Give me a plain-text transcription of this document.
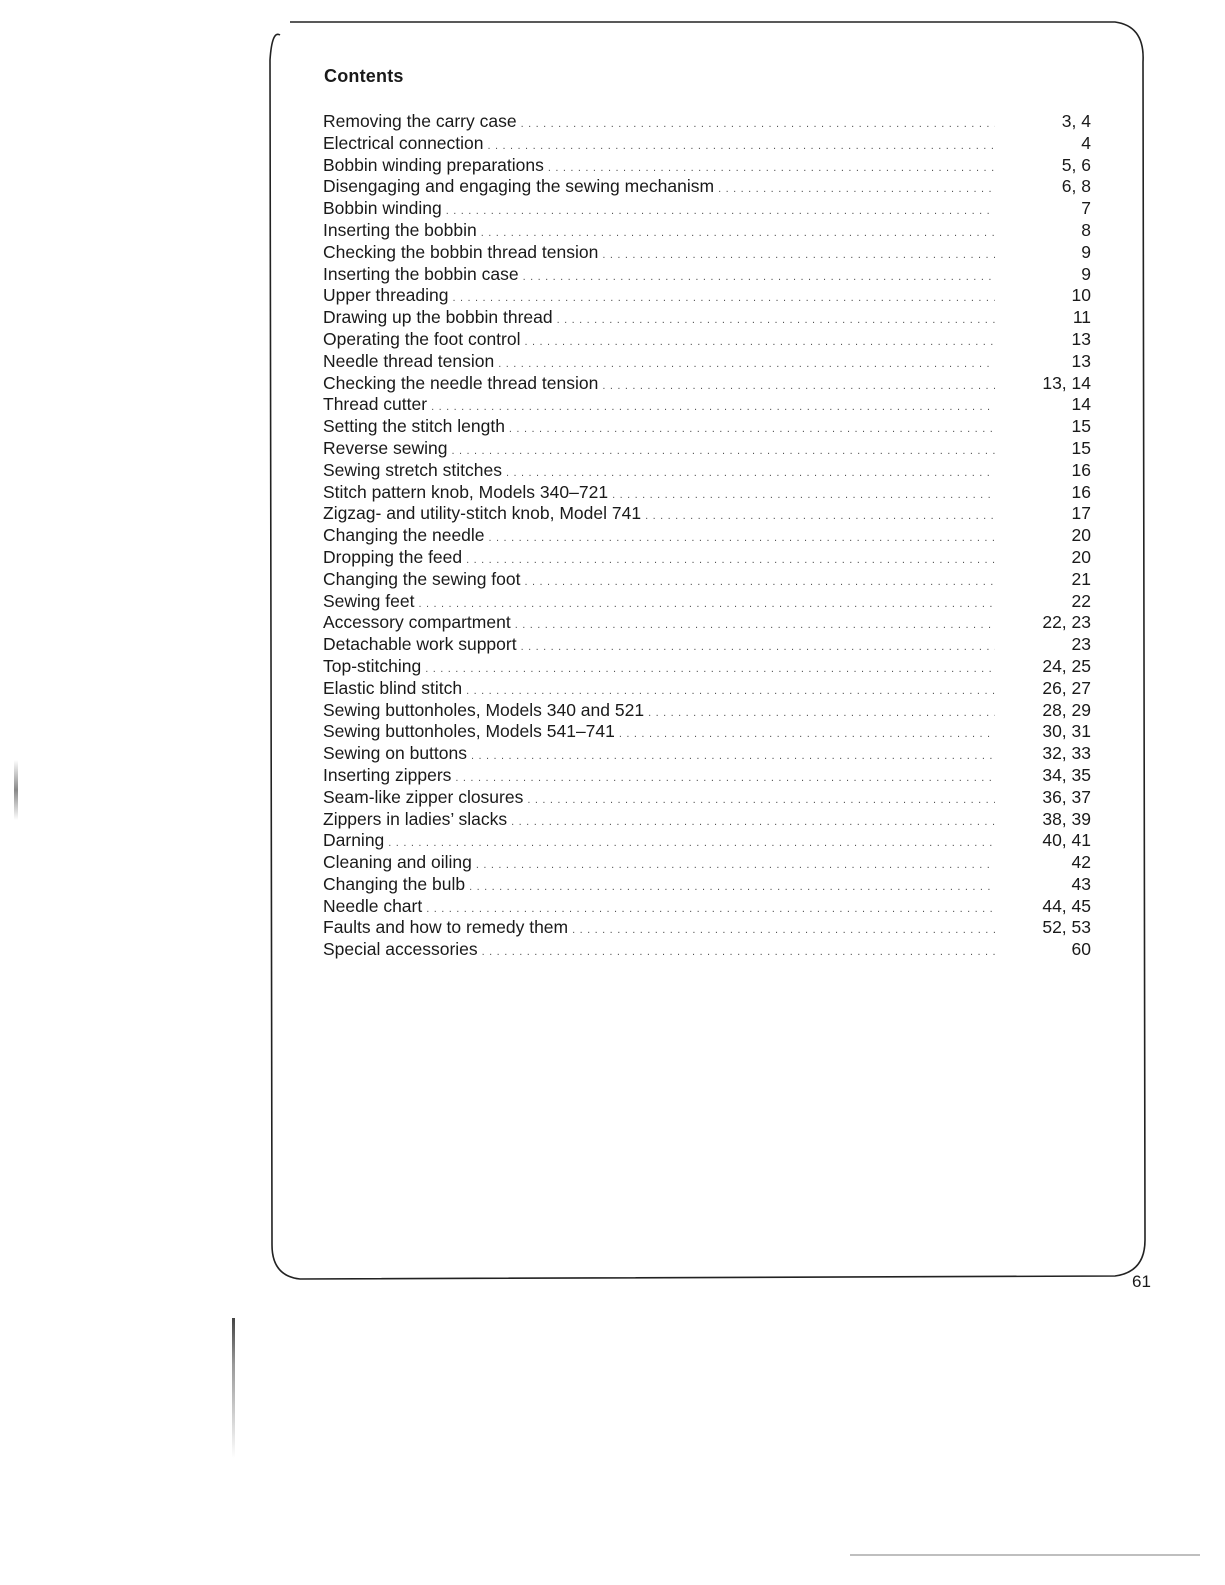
Contents
Removing the carry case . . .	3, 4
Electrical connection . . .	4
Bobbin winding preparations . . .	5, 6
Disengaging and engaging the sewing mechanism . . .	6, 8
Bobbin winding . . .	7
Inserting the bobbin . . .	8
Checking the bobbin thread tension . . .	9
Inserting the bobbin case . . .	9
Upper threading . . .	10
Drawing up the bobbin thread . . .	11
Operating the foot control . . .	13
Needle thread tension . . .	13
Checking the needle thread tension . . .	13, 14
Thread cutter . . .	14
Setting the stitch length . . .	15
Reverse sewing . . .	15
Sewing stretch stitches . . .	16
Stitch pattern knob, Models 340–721 . . .	16
Zigzag- and utility-stitch knob, Model 741 . . .	17
Changing the needle . . .	20
Dropping the feed . . .	20
Changing the sewing foot . . .	21
Sewing feet . . .	22
Accessory compartment . . .	22, 23
Detachable work support . . .	23
Top-stitching . . .	24, 25
Elastic blind stitch . . .	26, 27
Sewing buttonholes, Models 340 and 521 . . .	28, 29
Sewing buttonholes, Models 541–741 . . .	30, 31
Sewing on buttons . . .	32, 33
Inserting zippers . . .	34, 35
Seam-like zipper closures . . .	36, 37
Zippers in ladies’ slacks . . .	38, 39
Darning . . .	40, 41
Cleaning and oiling . . .	42
Changing the bulb . . .	43
Needle chart . . .	44, 45
Faults and how to remedy them . . .	52, 53
Special accessories . . .	60
61
